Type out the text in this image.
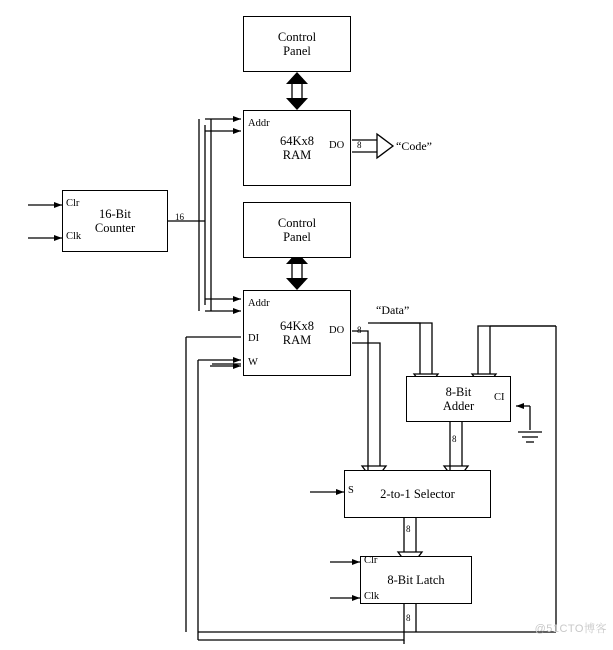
Control
Panel
64Kx8
RAM
Control
Panel
64Kx8
RAM
16-Bit
Counter
8-Bit
Adder
2-to-1 Selector
8-Bit Latch
Clr
Clk
Addr
DO
Addr
DO
DI
W
CI
S
Clr
Clk
“Code”
“Data”
16
8
8
8
8
8
@51CTO博客
